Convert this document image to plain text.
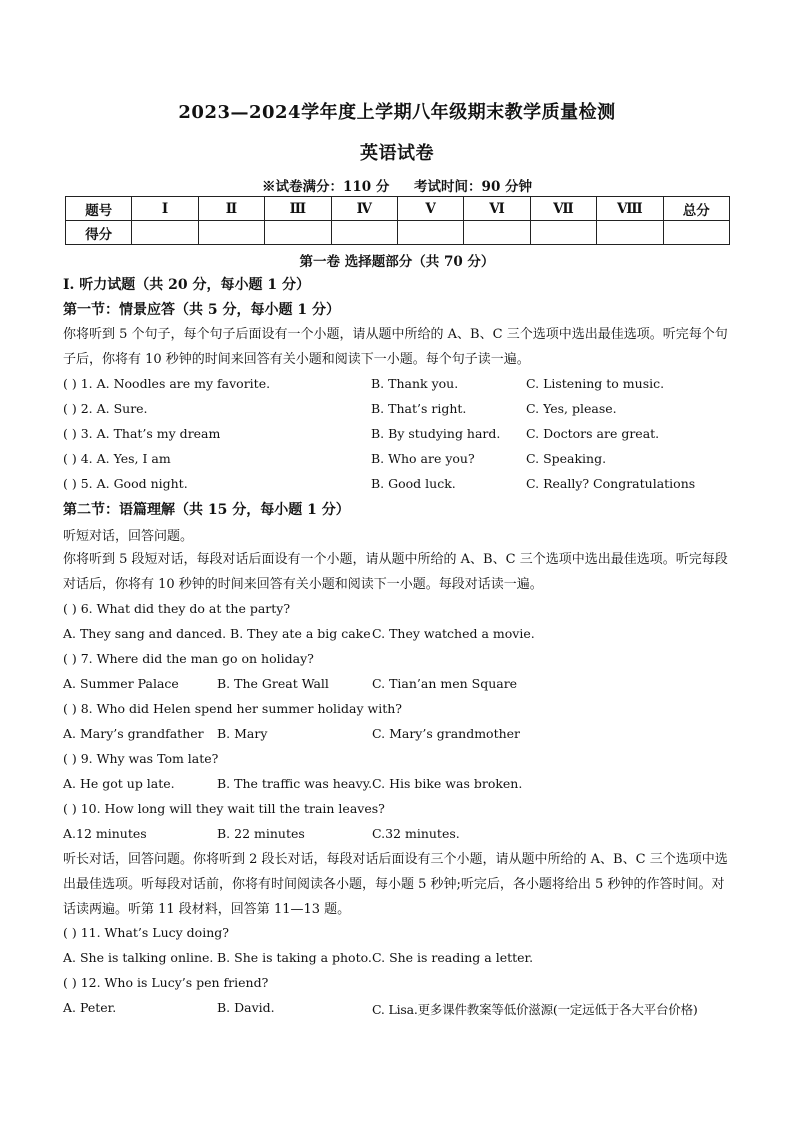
2023—2024学年度上学期八年级期末教学质量检测
英语试卷
※试卷满分：110 分 考试时间：90 分钟
题号	Ⅰ	Ⅱ	Ⅲ	Ⅳ	Ⅴ	Ⅵ	Ⅶ	Ⅷ	总分
得分									
第一卷 选择题部分（共 70 分）
Ⅰ. 听力试题（共 20 分，每小题 1 分）
第一节：情景应答（共 5 分，每小题 1 分）
你将听到 5 个句子，每个句子后面设有一个小题，请从题中所给的 A、B、C 三个选项中选出最佳选项。听完每个句子后，你将有 10 秒钟的时间来回答有关小题和阅读下一小题。每个句子读一遍。
( ) 1. A. Noodles are my favorite.	B. Thank you.	C. Listening to music.
( ) 2. A. Sure.	B. That’s right.	C. Yes, please.
( ) 3. A. That’s my dream	B. By studying hard. C. Doctors are great.
( ) 4. A. Yes, I am	B. Who are you?	C. Speaking.
( ) 5. A. Good night.	B. Good luck.	C. Really? Congratulations
第二节：语篇理解（共 15 分，每小题 1 分）
听短对话，回答问题。
你将听到 5 段短对话，每段对话后面设有一个小题，请从题中所给的 A、B、C 三个选项中选出最佳选项。听完每段对话后，你将有 10 秒钟的时间来回答有关小题和阅读下一小题。每段对话读一遍。
( ) 6. What did they do at the party?
A. They sang and danced. B. They ate a big cake C. They watched a movie.
( ) 7. Where did the man go on holiday?
A. Summer Palace	B. The Great Wall	C. Tian’an men Square
( ) 8. Who did Helen spend her summer holiday with?
A. Mary’s grandfather B. Mary	C. Mary’s grandmother
( ) 9. Why was Tom late?
A. He got up late.	B. The traffic was heavy. C. His bike was broken.
( ) 10. How long will they wait till the train leaves?
A.12 minutes	B. 22 minutes	C.32 minutes.
听长对话，回答问题。你将听到 2 段长对话，每段对话后面设有三个小题，请从题中所给的 A、B、C 三个选项中选出最佳选项。听每段对话前，你将有时间阅读各小题，每小题 5 秒钟;听完后，各小题将给出 5 秒钟的作答时间。对话读两遍。听第 11 段材料，回答第 11—13 题。
( ) 11. What’s Lucy doing?
A. She is talking online. B. She is taking a photo. C. She is reading a letter.
( ) 12. Who is Lucy’s pen friend?
A. Peter.	B. David.	C. Lisa.更多课件教案等低价滋源(一定远低于各大平台价格)
